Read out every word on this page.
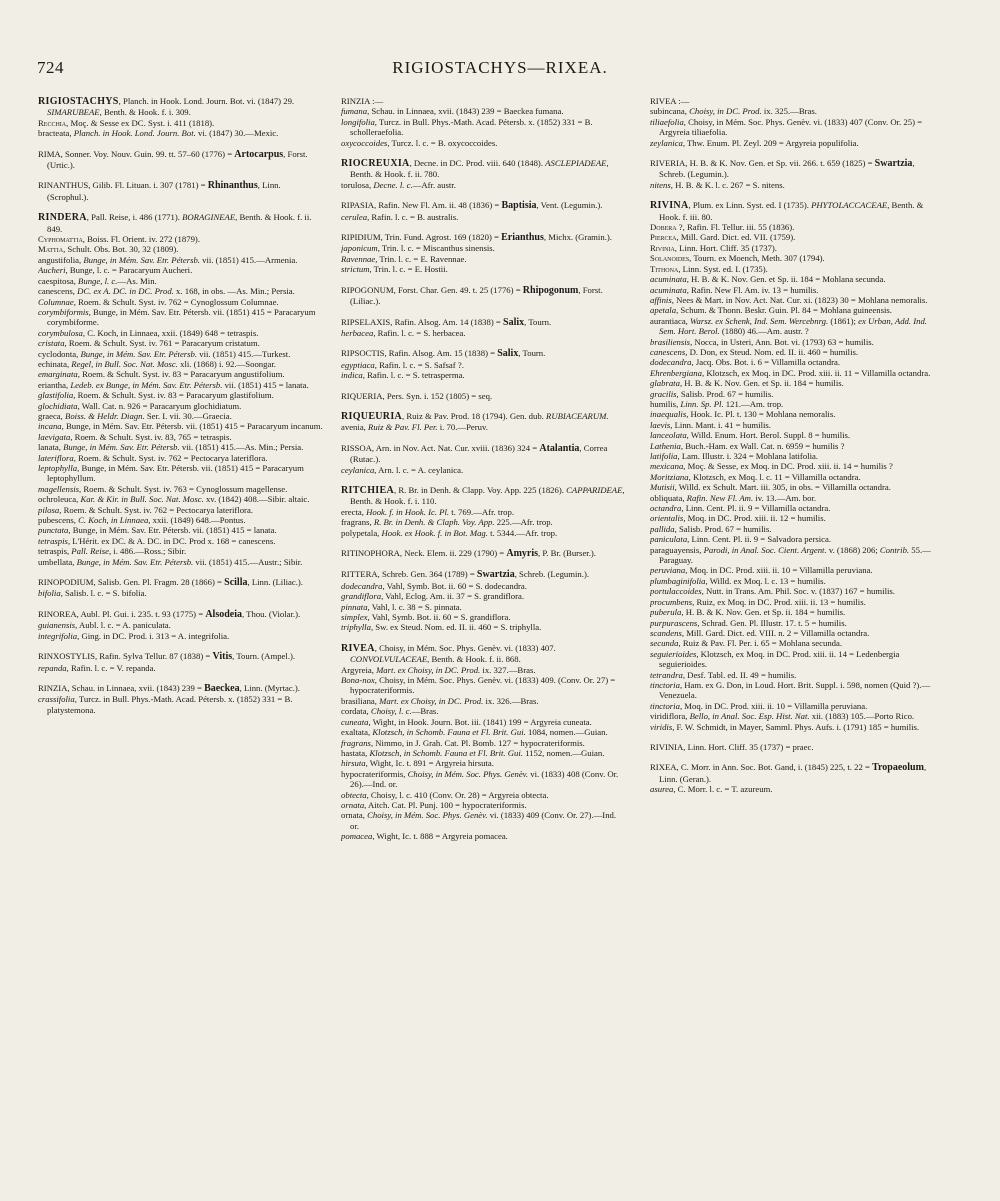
724	RIGIOSTACHYS—RIXEA.

RIGIOSTACHYS, Planch. in Hook. Lond. Journ. Bot. vi. (1847) 29. SIMARUBEAE, Benth. & Hook. f. i. 309.

Recchia, Moç. & Sesse ex DC. Syst. i. 411 (1818).

bracteata, Planch. in Hook. Lond. Journ. Bot. vi. (1847) 30.—Mexic.

RIMA, Sonner. Voy. Nouv. Guin. 99. tt. 57–60 (1776) = Artocarpus, Forst. (Urtic.).

RINANTHUS, Gilib. Fl. Lituan. i. 307 (1781) = Rhinanthus, Linn. (Scrophul.).

RINDERA, Pall. Reise, i. 486 (1771). BORAGINEAE, Benth. & Hook. f. ii. 849.

Cyphomattia, Boiss. Fl. Orient. iv. 272 (1879).

Mattia, Schult. Obs. Bot. 30, 32 (1809).

angustifolia, Bunge, in Mém. Sav. Etr. Pétersb. vii. (1851) 415.—Armenia.

Aucheri, Bunge, l. c. = Paracaryum Aucheri.

caespitosa, Bunge, l. c.—As. Min.

canescens, DC. ex A. DC. in DC. Prod. x. 168, in obs. —As. Min.; Persia.

Columnae, Roem. & Schult. Syst. iv. 762 = Cynoglossum Columnae.

corymbiformis, Bunge, in Mém. Sav. Etr. Pétersb. vii. (1851) 415 = Paracaryum corymbiforme.

corymbulosa, C. Koch, in Linnaea, xxii. (1849) 648 = tetraspis.

cristata, Roem. & Schult. Syst. iv. 761 = Paracaryum cristatum.

cyclodonta, Bunge, in Mém. Sav. Etr. Pétersb. vii. (1851) 415.—Turkest.

echinata, Regel, in Bull. Soc. Nat. Mosc. xli. (1868) i. 92.—Soongar.

emarginata, Roem. & Schult. Syst. iv. 83 = Paracaryum angustifolium.

eriantha, Ledeb. ex Bunge, in Mém. Sav. Etr. Pétersb. vii. (1851) 415 = lanata.

glastifolia, Roem. & Schult. Syst. iv. 83 = Paracaryum glastifolium.

glochidiata, Wall. Cat. n. 926 = Paracaryum glochidiatum.

graeca, Boiss. & Heldr. Diagn. Ser. I. vii. 30.—Graecia.

incana, Bunge, in Mém. Sav. Etr. Pétersb. vii. (1851) 415 = Paracaryum incanum.

laevigata, Roem. & Schult. Syst. iv. 83, 765 = tetraspis.

lanata, Bunge, in Mém. Sav. Etr. Pétersb. vii. (1851) 415.—As. Min.; Persia.

lateriflora, Roem. & Schult. Syst. iv. 762 = Pectocarya lateriflora.

leptophylla, Bunge, in Mém. Sav. Etr. Pétersb. vii. (1851) 415 = Paracaryum leptophyllum.

magellensis, Roem. & Schult. Syst. iv. 763 = Cynoglossum magellense.

ochroleuca, Kar. & Kir. in Bull. Soc. Nat. Mosc. xv. (1842) 408.—Sibir. altaic.

pilosa, Roem. & Schult. Syst. iv. 762 = Pectocarya lateriflora.

pubescens, C. Koch, in Linnaea, xxii. (1849) 648.—Pontus.

punctata, Bunge, in Mém. Sav. Etr. Pétersb. vii. (1851) 415 = lanata.

tetraspis, L'Hérit. ex DC. & A. DC. in DC. Prod x. 168 = canescens.

tetraspis, Pall. Reise, i. 486.—Ross.; Sibir.

umbellata, Bunge, in Mém. Sav. Etr. Pétersb. vii. (1851) 415.—Austr.; Sibir.

RINOPODIUM, Salisb. Gen. Pl. Fragm. 28 (1866) = Scilla, Linn. (Liliac.).

bifolia, Salisb. l. c. = S. bifolia.

RINOREA, Aubl. Pl. Gui. i. 235. t. 93 (1775) = Alsodeia, Thou. (Violar.).

guianensis, Aubl. l. c. = A. paniculata.

integrifolia, Ging. in DC. Prod. i. 313 = A. integrifolia.

RINXOSTYLIS, Rafin. Sylva Tellur. 87 (1838) = Vitis, Tourn. (Ampel.).

repanda, Rafin. l. c. = V. repanda.

RINZIA, Schau. in Linnaea, xvii. (1843) 239 = Baeckea, Linn. (Myrtac.).

crassifolia, Turcz. in Bull. Phys.-Math. Acad. Pétersb. x. (1852) 331 = B. platystemona.

RINZIA :—

fumana, Schau. in Linnaea, xvii. (1843) 239 = Baeckea fumana.

longifolia, Turcz. in Bull. Phys.-Math. Acad. Pétersb. x. (1852) 331 = B. scholleraefolia.

oxycoccoides, Turcz. l. c. = B. oxycoccoides.

RIOCREUXIA, Decne. in DC. Prod. viii. 640 (1848). ASCLEPIADEAE, Benth. & Hook. f. ii. 780.

torulosa, Decne. l. c.—Afr. austr.

RIPASIA, Rafin. New Fl. Am. ii. 48 (1836) = Baptisia, Vent. (Legumin.).

cerulea, Rafin. l. c. = B. australis.

RIPIDIUM, Trin. Fund. Agrost. 169 (1820) = Erianthus, Michx. (Gramin.).

japonicum, Trin. l. c. = Miscanthus sinensis.

Ravennae, Trin. l. c. = E. Ravennae.

strictum, Trin. l. c. = E. Hostii.

RIPOGONUM, Forst. Char. Gen. 49. t. 25 (1776) = Rhipogonum, Forst. (Liliac.).

RIPSELAXIS, Rafin. Alsog. Am. 14 (1838) = Salix, Tourn.

herbacea, Rafin. l. c. = S. herbacea.

RIPSOCTIS, Rafin. Alsog. Am. 15 (1838) = Salix, Tourn.

egyptiaca, Rafin. l. c. = S. Safsaf ?.

indica, Rafin. l. c. = S. tetrasperma.

RIQUERIA, Pers. Syn. i. 152 (1805) = seq.

RIQUEURIA, Ruiz & Pav. Prod. 18 (1794). Gen. dub. RUBIACEARUM.

avenia, Ruiz & Pav. Fl. Per. i. 70.—Peruv.

RISSOA, Arn. in Nov. Act. Nat. Cur. xviii. (1836) 324 = Atalantia, Correa (Rutac.).

ceylanica, Arn. l. c. = A. ceylanica.

RITCHIEA, R. Br. in Denh. & Clapp. Voy. App. 225 (1826). CAPPARIDEAE, Benth. & Hook. f. i. 110.

erecta, Hook. f. in Hook. Ic. Pl. t. 769.—Afr. trop.

fragrans, R. Br. in Denh. & Claph. Voy. App. 225.—Afr. trop.

polypetala, Hook. ex Hook. f. in Bot. Mag. t. 5344.—Afr. trop.

RITINOPHORA, Neck. Elem. ii. 229 (1790) = Amyris, P. Br. (Burser.).

RITTERA, Schreb. Gen. 364 (1789) = Swartzia, Schreb. (Legumin.).

dodecandra, Vahl, Symb. Bot. ii. 60 = S. dodecandra.

grandiflora, Vahl, Eclog. Am. ii. 37 = S. grandiflora.

pinnata, Vahl, l. c. 38 = S. pinnata.

simplex, Vahl, Symb. Bot. ii. 60 = S. grandiflora.

triphylla, Sw. ex Steud. Nom. ed. II. ii. 460 = S. triphylla.

RIVEA, Choisy, in Mém. Soc. Phys. Genèv. vi. (1833) 407. CONVOLVULACEAE, Benth. & Hook. f. ii. 868.

Argyreia, Mart. ex Choisy, in DC. Prod. ix. 327.—Bras.

Bona-nox, Choisy, in Mém. Soc. Phys. Genèv. vi. (1833) 409. (Conv. Or. 27) = hypocrateriformis.

brasiliana, Mart. ex Choisy, in DC. Prod. ix. 326.—Bras.

cordata, Choisy, l. c.—Bras.

cuneata, Wight, in Hook. Journ. Bot. iii. (1841) 199 = Argyreia cuneata.

exaltata, Klotzsch, in Schomb. Fauna et Fl. Brit. Gui. 1084, nomen.—Guian.

fragrans, Nimmo, in J. Grah. Cat. Pl. Bomb. 127 = hypocrateriformis.

hastata, Klotzsch, in Schomb. Fauna et Fl. Brit. Gui. 1152, nomen.—Guian.

hirsuta, Wight, Ic. t. 891 = Argyreia hirsuta.

hypocrateriformis, Choisy, in Mém. Soc. Phys. Genèv. vi. (1833) 408 (Conv. Or. 26).—Ind. or.

obtecta, Choisy, l. c. 410 (Conv. Or. 28) = Argyreia obtecta.

ornata, Aitch. Cat. Pl. Punj. 100 = hypocrateriformis.

ornata, Choisy, in Mém. Soc. Phys. Genèv. vi. (1833) 409 (Conv. Or. 27).—Ind. or.

pomacea, Wight, Ic. t. 888 = Argyreia pomacea.

RIVEA :—

subincana, Choisy, in DC. Prod. ix. 325.—Bras.

tiliaefolia, Choisy, in Mém. Soc. Phys. Genèv. vi. (1833) 407 (Conv. Or. 25) = Argyreia tiliaefolia.

zeylanica, Thw. Enum. Pl. Zeyl. 209 = Argyreia populifolia.

RIVERIA, H. B. & K. Nov. Gen. et Sp. vii. 266. t. 659 (1825) = Swartzia, Schreb. (Legumin.).

nitens, H. B. & K. l. c. 267 = S. nitens.

RIVINA, Plum. ex Linn. Syst. ed. I (1735). PHYTOLACCACEAE, Benth. & Hook. f. iii. 80.

Dobera ?, Rafin. Fl. Tellur. iii. 55 (1836).

Piercea, Mill. Gard. Dict. ed. VII. (1759).

Rivinia, Linn. Hort. Cliff. 35 (1737).

Solanoides, Tourn. ex Moench, Meth. 307 (1794).

Tithona, Linn. Syst. ed. I. (1735).

acuminata, H. B. & K. Nov. Gen. et Sp. ii. 184 = Mohlana secunda.

acuminata, Rafin. New Fl. Am. iv. 13 = humilis.

affinis, Nees & Mart. in Nov. Act. Nat. Cur. xi. (1823) 30 = Mohlana nemoralis.

apetala, Schum. & Thonn. Beskr. Guin. Pl. 84 = Mohlana guineensis.

aurantiaca, Warsz. ex Schenk, Ind. Sem. Wercebnrg. (1861); ex Urban, Add. Ind. Sem. Hort. Berol. (1880) 46.—Am. austr. ?

brasiliensis, Nocca, in Usteri, Ann. Bot. vi. (1793) 63 = humilis.

canescens, D. Don, ex Steud. Nom. ed. II. ii. 460 = humilis.

dodecandra, Jacq. Obs. Bot. i. 6 = Villamilla octandra.

Ehrenbergiana, Klotzsch, ex Moq. in DC. Prod. xiii. ii. 11 = Villamilla octandra.

glabrata, H. B. & K. Nov. Gen. et Sp. ii. 184 = humilis.

gracilis, Salisb. Prod. 67 = humilis.

humilis, Linn. Sp. Pl. 121.—Am. trop.

inaequalis, Hook. Ic. Pl. t. 130 = Mohlana nemoralis.

laevis, Linn. Mant. i. 41 = humilis.

lanceolata, Willd. Enum. Hort. Berol. Suppl. 8 = humilis.

Lathenia, Buch.-Ham. ex Wall. Cat. n. 6959 = humilis ?

latifolia, Lam. Illustr. i. 324 = Mohlana latifolia.

mexicana, Moç. & Sesse, ex Moq. in DC. Prod. xiii. ii. 14 = humilis ?

Moritziana, Klotzsch, ex Moq. l. c. 11 = Villamilla octandra.

Mutisii, Willd. ex Schult. Mart. iii. 305, in obs. = Villamilla octandra.

obliquata, Rafin. New Fl. Am. iv. 13.—Am. bor.

octandra, Linn. Cent. Pl. ii. 9 = Villamilla octandra.

orientalis, Moq. in DC. Prod. xiii. ii. 12 = humilis.

pallida, Salisb. Prod. 67 = humilis.

paniculata, Linn. Cent. Pl. ii. 9 = Salvadora persica.

paraguayensis, Parodi, in Anal. Soc. Cient. Argent. v. (1868) 206; Contrib. 55.—Paraguay.

peruviana, Moq. in DC. Prod. xiii. ii. 10 = Villamilla peruviana.

plumbaginifolia, Willd. ex Moq. l. c. 13 = humilis.

portulaccoides, Nutt. in Trans. Am. Phil. Soc. v. (1837) 167 = humilis.

procumbens, Ruiz, ex Moq. in DC. Prod. xiii. ii. 13 = humilis.

puberula, H. B. & K. Nov. Gen. et Sp. ii. 184 = humilis.

purpurascens, Schrad. Gen. Pl. Illustr. 17. t. 5 = humilis.

scandens, Mill. Gard. Dict. ed. VIII. n. 2 = Villamilla octandra.

secunda, Ruiz & Pav. Fl. Per. i. 65 = Mohlana secunda.

seguierioides, Klotzsch, ex Moq. in DC. Prod. xiii. ii. 14 = Ledenbergia seguierioides.

tetrandra, Desf. Tabl. ed. II. 49 = humilis.

tinctoria, Ham. ex G. Don, in Loud. Hort. Brit. Suppl. i. 598, nomen (Quid ?).—Venezuela.

tinctoria, Moq. in DC. Prod. xiii. ii. 10 = Villamilla peruviana.

viridiflora, Bello, in Anal. Soc. Esp. Hist. Nat. xii. (1883) 105.—Porto Rico.

viridis, F. W. Schmidt, in Mayer, Samml. Phys. Aufs. i. (1791) 185 = humilis.

RIVINIA, Linn. Hort. Cliff. 35 (1737) = praec.

RIXEA, C. Morr. in Ann. Soc. Bot. Gand, i. (1845) 225, t. 22 = Tropaeolum, Linn. (Geran.).

asurea, C. Morr. l. c. = T. azureum.
